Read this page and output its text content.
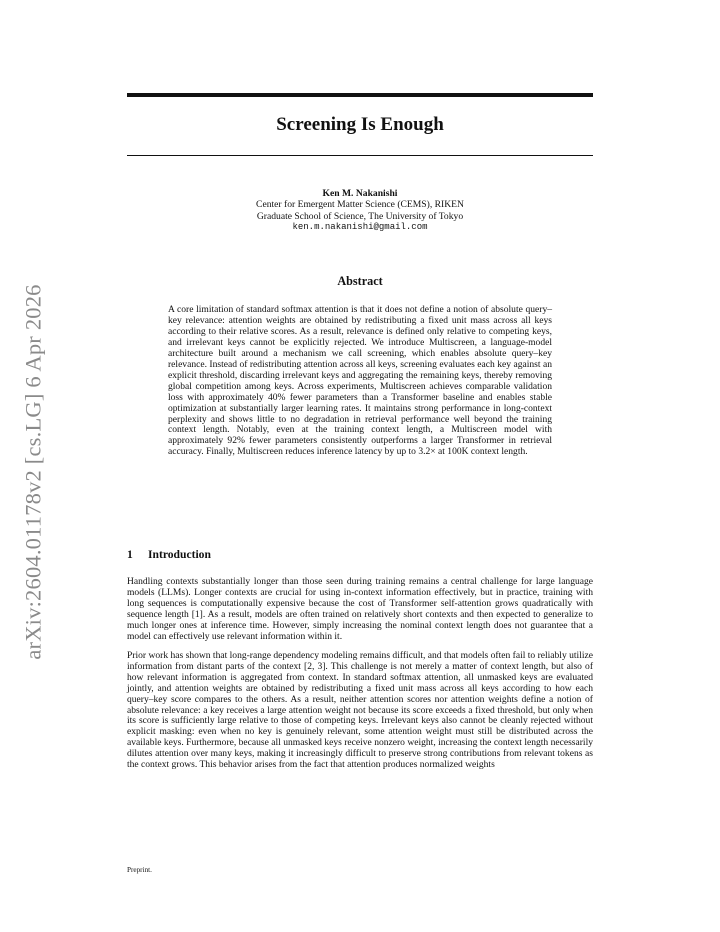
arXiv:2604.01178v2 [cs.LG] 6 Apr 2026
Screening Is Enough
Ken M. Nakanishi
Center for Emergent Matter Science (CEMS), RIKEN
Graduate School of Science, The University of Tokyo
ken.m.nakanishi@gmail.com
Abstract

A core limitation of standard softmax attention is that it does not define a notion of absolute query–key relevance: attention weights are obtained by redistributing a fixed unit mass across all keys according to their relative scores. As a result, relevance is defined only relative to competing keys, and irrelevant keys cannot be explicitly rejected. We introduce Multiscreen, a language-model architecture built around a mechanism we call screening, which enables absolute query–key relevance. Instead of redistributing attention across all keys, screening evaluates each key against an explicit threshold, discarding irrelevant keys and aggregating the remaining keys, thereby removing global competition among keys. Across experiments, Multiscreen achieves comparable validation loss with approximately 40% fewer parameters than a Transformer baseline and enables stable optimization at substantially larger learning rates. It maintains strong performance in long-context perplexity and shows little to no degradation in retrieval performance well beyond the training context length. Notably, even at the training context length, a Multiscreen model with approximately 92% fewer parameters consistently outperforms a larger Transformer in retrieval accuracy. Finally, Multiscreen reduces inference latency by up to 3.2× at 100K context length.

1 Introduction

Handling contexts substantially longer than those seen during training remains a central challenge for large language models (LLMs). Longer contexts are crucial for using in-context information effectively, but in practice, training with long sequences is computationally expensive because the cost of Transformer self-attention grows quadratically with sequence length [1]. As a result, models are often trained on relatively short contexts and then expected to generalize to much longer ones at inference time. However, simply increasing the nominal context length does not guarantee that a model can effectively use relevant information within it.

Prior work has shown that long-range dependency modeling remains difficult, and that models often fail to reliably utilize information from distant parts of the context [2, 3]. This challenge is not merely a matter of context length, but also of how relevant information is aggregated from context. In standard softmax attention, all unmasked keys are evaluated jointly, and attention weights are obtained by redistributing a fixed unit mass across all keys according to how each query–key score compares to the others. As a result, neither attention scores nor attention weights define a notion of absolute relevance: a key receives a large attention weight not because its score exceeds a fixed threshold, but only when its score is sufficiently large relative to those of competing keys. Irrelevant keys also cannot be cleanly rejected without explicit masking: even when no key is genuinely relevant, some attention weight must still be distributed across the available keys. Furthermore, because all unmasked keys receive nonzero weight, increasing the context length necessarily dilutes attention over many keys, making it increasingly difficult to preserve strong contributions from relevant tokens as the context grows. This behavior arises from the fact that attention produces normalized weights

Preprint.
